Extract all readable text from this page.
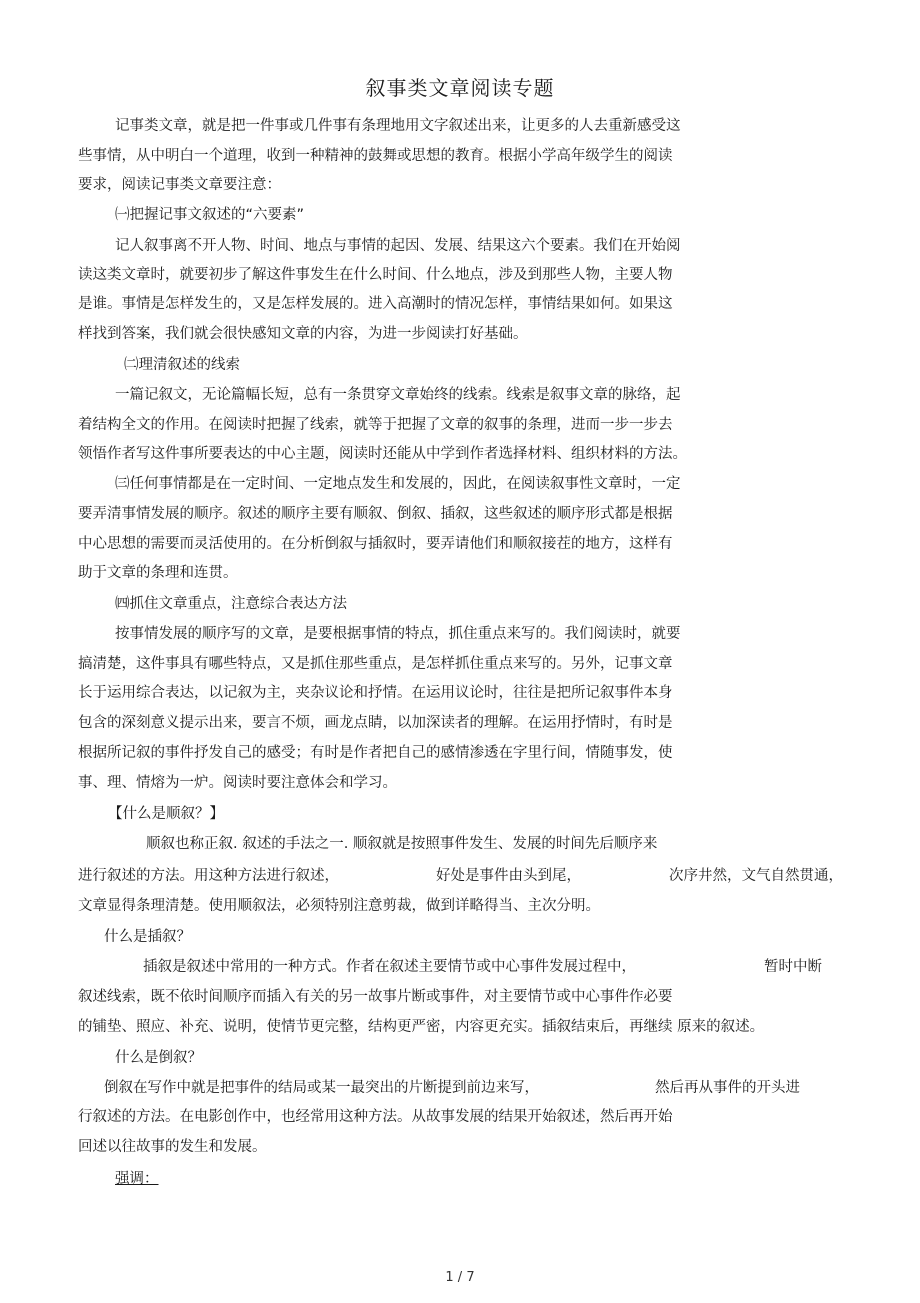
叙事类文章阅读专题
记事类文章，就是把一件事或几件事有条理地用文字叙述出来，让更多的人去重新感受这
些事情，从中明白一个道理，收到一种精神的鼓舞或思想的教育。根据小学高年级学生的阅读
要求，阅读记事类文章要注意：
㈠把握记事文叙述的“六要素”
记人叙事离不开人物、时间、地点与事情的起因、发展、结果这六个要素。我们在开始阅
读这类文章时，就要初步了解这件事发生在什么时间、什么地点，涉及到那些人物，主要人物
是谁。事情是怎样发生的，又是怎样发展的。进入高潮时的情况怎样，事情结果如何。如果这
样找到答案，我们就会很快感知文章的内容，为进一步阅读打好基础。
㈡理清叙述的线索
一篇记叙文，无论篇幅长短，总有一条贯穿文章始终的线索。线索是叙事文章的脉络，起
着结构全文的作用。在阅读时把握了线索，就等于把握了文章的叙事的条理，进而一步一步去
领悟作者写这件事所要表达的中心主题，阅读时还能从中学到作者选择材料、组织材料的方法。
㈢任何事情都是在一定时间、一定地点发生和发展的，因此，在阅读叙事性文章时，一定
要弄清事情发展的顺序。叙述的顺序主要有顺叙、倒叙、插叙，这些叙述的顺序形式都是根据
中心思想的需要而灵活使用的。在分析倒叙与插叙时，要弄请他们和顺叙接茬的地方，这样有
助于文章的条理和连贯。
㈣抓住文章重点，注意综合表达方法
按事情发展的顺序写的文章，是要根据事情的特点，抓住重点来写的。我们阅读时，就要
搞清楚，这件事具有哪些特点，又是抓住那些重点，是怎样抓住重点来写的。另外，记事文章
长于运用综合表达，以记叙为主，夹杂议论和抒情。在运用议论时，往往是把所记叙事件本身
包含的深刻意义提示出来，要言不烦，画龙点睛，以加深读者的理解。在运用抒情时，有时是
根据所记叙的事件抒发自己的感受；有时是作者把自己的感情渗透在字里行间，情随事发，使
事、理、情熔为一炉。阅读时要注意体会和学习。
【什么是顺叙？】
顺叙也称正叙. 叙述的手法之一. 顺叙就是按照事件发生、发展的时间先后顺序来
进行叙述的方法。用这种方法进行叙述，	好处是事件由头到尾，	次序井然，文气自然贯通，
文章显得条理清楚。使用顺叙法，必须特别注意剪裁，做到详略得当、主次分明。
什么是插叙？
插叙是叙述中常用的一种方式。作者在叙述主要情节或中心事件发展过程中，	暂时中断
叙述线索，既不依时间顺序而插入有关的另一故事片断或事件，对主要情节或中心事件作必要
的铺垫、照应、补充、说明，使情节更完整，结构更严密，内容更充实。插叙结束后，再继续 原来的叙述。
什么是倒叙？
倒叙在写作中就是把事件的结局或某一最突出的片断提到前边来写，	然后再从事件的开头进
行叙述的方法。在电影创作中，也经常用这种方法。从故事发展的结果开始叙述，然后再开始
回述以往故事的发生和发展。
强调：
1 / 7
